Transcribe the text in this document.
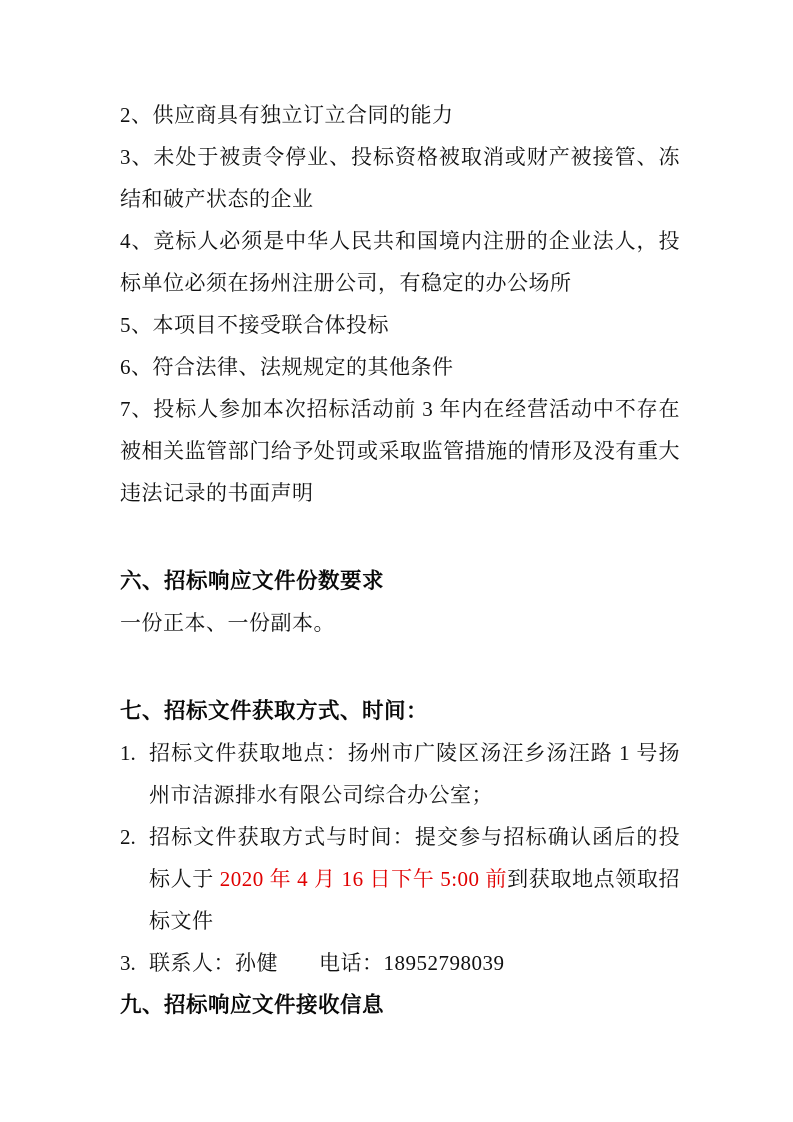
2、供应商具有独立订立合同的能力

3、未处于被责令停业、投标资格被取消或财产被接管、冻结和破产状态的企业

4、竞标人必须是中华人民共和国境内注册的企业法人，投标单位必须在扬州注册公司，有稳定的办公场所

5、本项目不接受联合体投标

6、符合法律、法规规定的其他条件

7、投标人参加本次招标活动前 3 年内在经营活动中不存在被相关监管部门给予处罚或采取监管措施的情形及没有重大违法记录的书面声明

六、招标响应文件份数要求

一份正本、一份副本。

七、招标文件获取方式、时间：
1. 招标文件获取地点：扬州市广陵区汤汪乡汤汪路 1 号扬州市洁源排水有限公司综合办公室；
2. 招标文件获取方式与时间：提交参与招标确认函后的投标人于 2020 年 4 月 16 日下午 5:00 前到获取地点领取招标文件
3. 联系人：孙健 电话：18952798039
九、招标响应文件接收信息
